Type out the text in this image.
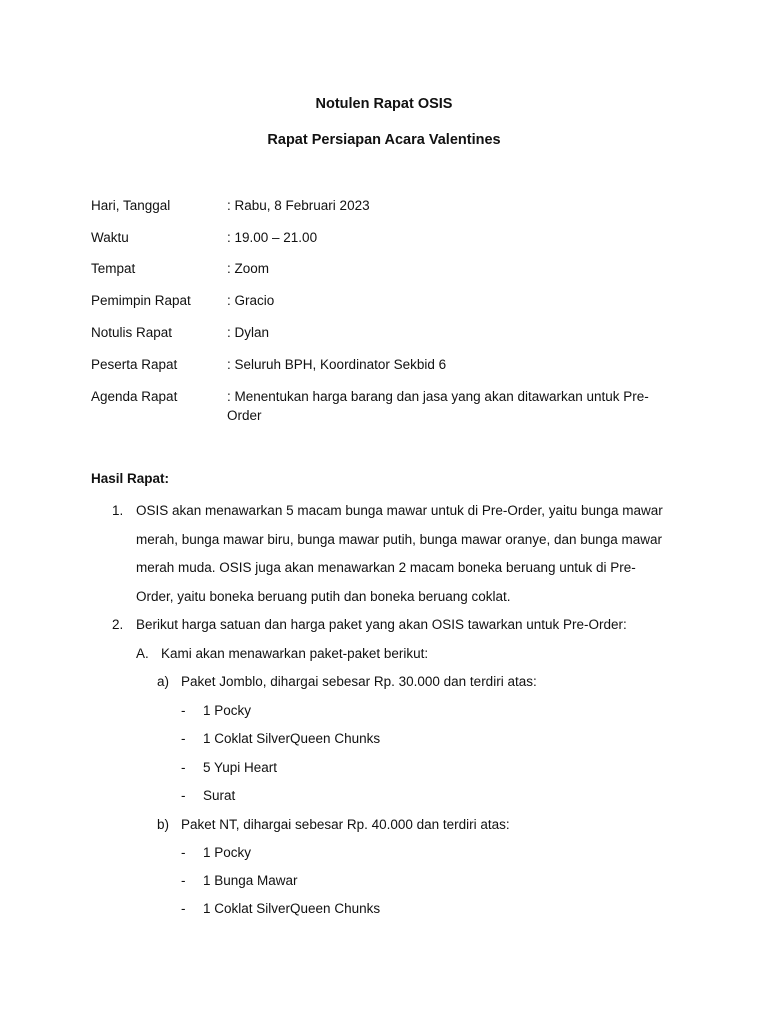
Notulen Rapat OSIS
Rapat Persiapan Acara Valentines
Hari, Tanggal	: Rabu, 8 Februari 2023
Waktu	: 19.00 – 21.00
Tempat	: Zoom
Pemimpin Rapat	: Gracio
Notulis Rapat	: Dylan
Peserta Rapat	: Seluruh BPH, Koordinator Sekbid 6
Agenda Rapat	: Menentukan harga barang dan jasa yang akan ditawarkan untuk Pre-
Order
Hasil Rapat:
1. OSIS akan menawarkan 5 macam bunga mawar untuk di Pre-Order, yaitu bunga mawar
merah, bunga mawar biru, bunga mawar putih, bunga mawar oranye, dan bunga mawar
merah muda. OSIS juga akan menawarkan 2 macam boneka beruang untuk di Pre-
Order, yaitu boneka beruang putih dan boneka beruang coklat.
2. Berikut harga satuan dan harga paket yang akan OSIS tawarkan untuk Pre-Order:
A. Kami akan menawarkan paket-paket berikut:
a) Paket Jomblo, dihargai sebesar Rp. 30.000 dan terdiri atas:
- 1 Pocky
- 1 Coklat SilverQueen Chunks
- 5 Yupi Heart
- Surat
b) Paket NT, dihargai sebesar Rp. 40.000 dan terdiri atas:
- 1 Pocky
- 1 Bunga Mawar
- 1 Coklat SilverQueen Chunks
